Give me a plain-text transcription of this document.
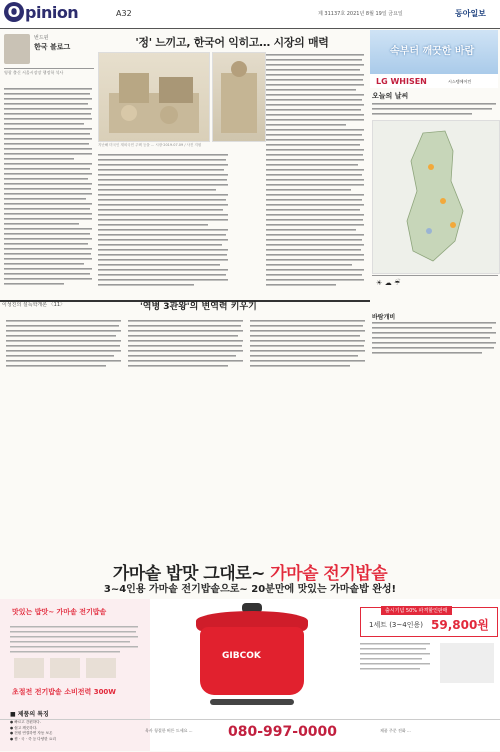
O pinion	A32	제 31137호 2021년 8월 19일 금요일	동아일보
번드윈
한국 블로그
영광 출신 서울시장장 행정학 석사
'정' 느끼고, 한국어 익히고… 시장의 매력
지난해 미국인 재외국민 주택 등을 ... 시장·2019.07.09 / 사진 지원
속부터 깨끗한 바람
LG WHISEN	시스템에어컨
오늘의 날씨
☀ ☁ ☔
이성진의 설득학개론 〈11〉	'역병 3관왕'의 변역력 키우기
바람개비
가마솥 밥맛 그대로~ 가마솥 전기밥솥
3~4인용 가마솥 전기밥솥으로~ 20분만에 맛있는 가마솥밥 완성!
맛있는 밥맛~ 가마솥 전기밥솥
초절전 전기밥솥 소비전력 300W
■ 제품의 특징
● 빠르고 간편하다.
● 쉽고 깨끗하다.
● 전원 연결하면 자동 보온
● 찜 · 국 · 죽 등 다양한 요리
GIBCOK
출시기념 50% 파격할인판매
1세트 (3~4인용) 59,800원
육사 청결한 버튼 드세요 ...	080-997-0000	제품 주문 전화 ...
